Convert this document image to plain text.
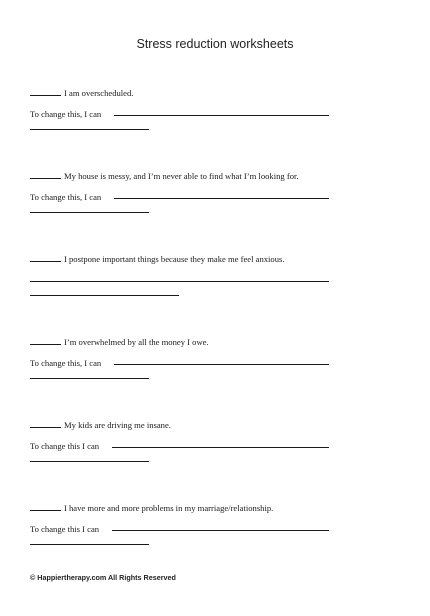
Stress reduction worksheets
I am overscheduled.
To change this, I can
My house is messy, and I’m never able to find what I’m looking for.
To change this, I can
I postpone important things because they make me feel anxious.
I’m overwhelmed by all the money I owe.
To change this, I can
My kids are driving me insane.
To change this I can
I have more and more problems in my marriage/relationship.
To change this I can
© Happiertherapy.com All Rights Reserved
